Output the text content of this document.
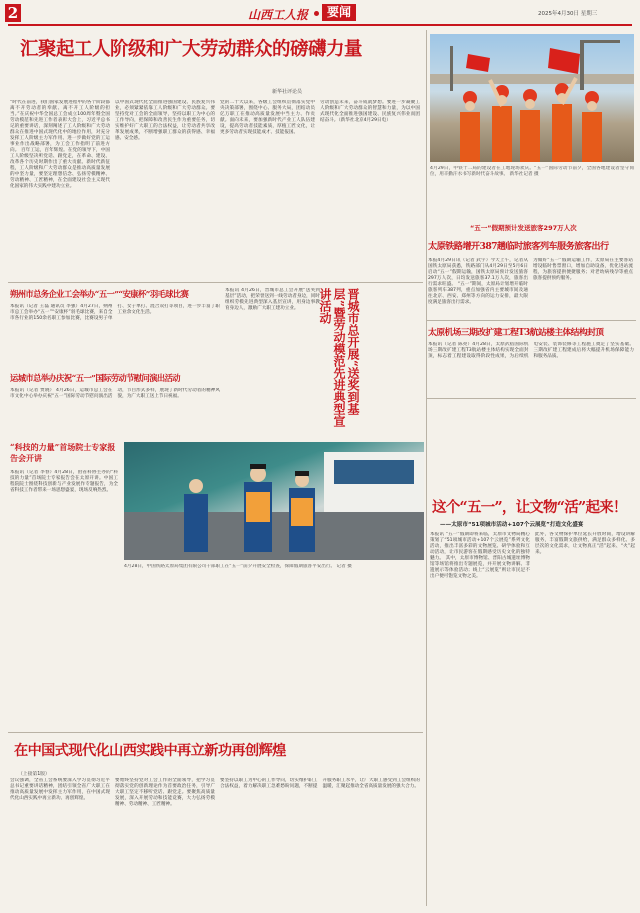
2	山西工人报	要闻	2025年4月30日 星期三
汇聚起工人阶级和广大劳动群众的磅礴力量
新华社评论员
“时代在前进，我们国家发展进程中的各个阶段都离不开劳动者的奉献、离不开工人阶级的担当。”在庆祝中华全国总工会成立100周年暨全国劳动模范和先进工作者表彰大会上，习近平总书记的重要讲话，深刻阐述了工人阶级和广大劳动群众在推进中国式现代化中的地位作用，对充分发挥工人阶级主力军作用、进一步做好党的工运事业作出战略部署，为工会工作指明了前进方向。 百年工运，百年辉煌。在党的领导下，中国工人阶级坚决听党话、跟党走，在革命、建设、改革各个历史时期作出了重大贡献。新时代新征程，工人阶级和广大劳动群众是推动高质量发展的中坚力量，要坚定理想信念、弘扬劳模精神、劳动精神、工匠精神，在全面建设社会主义现代化国家的伟大实践中建功立业。
以中国式现代化全面推进强国建设、民族复兴伟业，必须紧紧依靠工人阶级和广大劳动群众。要坚持党对工会的全面领导，坚持以职工为中心的工作导向，把保障和改善民生作为重要任务，切实维护好广大职工的合法权益，让劳动者共享改革发展成果，不断增强职工群众的获得感、幸福感、安全感。
党的二十大以来，各级工会组织贯彻落实党中央决策部署，围绕中心、服务大局，团结动员亿万职工在推动高质量发展中当主力、作贡献。面向未来，要加强新时代产业工人队伍建设，提高劳动者技能素质，厚植工匠文化，让更多劳动者实现技能成才、技能报国。
劳动创造未来，奋斗成就梦想。要进一步凝聚工人阶级和广大劳动群众的智慧和力量，为以中国式现代化全面推进强国建设、民族复兴伟业而团结奋斗。（新华社北京4月29日电）
4月29日，中铁十二局的建设者在工地现场欢庆。“五一”国际劳动节前夕，全国各地建设者坚守岗位，用辛勤汗水书写新时代奋斗故事。 新华社记者 摄
“五一”假期预计发送旅客297万人次
太原铁路增开387趟临时旅客列车服务旅客出行
本报4月29日讯（记者 武宇）今天上午，记者从国铁太原局获悉，铁路部门从4月29日至5月6日启动“五一”假期运输，国铁太原局预计发送旅客297万人次，日均发送旅客37.1万人次，旅客出行需求旺盛。 “五一”期间，太原局计划增开临时旅客列车387列，重点加强省内主要城市间及通往北京、西安、郑州等方向的运力安排，最大限度满足旅客出行需求。
为做好“五一”假期运输工作，太原局在主要客站增设临时售票窗口，增加自助设备，优化进站流程，为旅客提供便捷服务；对老幼病残孕等重点旅客提供预约服务。
太原机场三期改扩建工程T3航站楼主体结构封顶
本报讯（记者 陈亮）4月28日，太原武宿国际机场三期改扩建工程T3航站楼主体结构实现全面封顶，标志着工程建设取得阶段性成果，为后续机电安装、装饰装修等工程施工奠定了坚实基础。三期改扩建工程建成后将大幅提升机场保障能力和服务品质。
朔州市总务企业工会举办“五一”“安康杯”羽毛球比赛
本报讯（记者 王磊 通讯员 李强）4月27日，朔州市总工会举办“五一”“安康杯”羽毛球比赛，来自全市各行业的150余名职工参加比赛，比赛设男子单打、女子单打、混合双打等项目，进一步丰富了职工业余文化生活。
运城市总举办庆祝“五一”国际劳动节慰问演出活动
本报讯（记者 贾晓） 4月26日，运城市总工会在市文化中心举办庆祝“五一”国际劳动节慰问演出活动，节目形式多样，展现了新时代劳动者的精神风貌，为广大职工送上节日祝福。
本报讯 4月26日，晋城市总工会开展“送奖到基层”活动，把荣誉送到一线劳动者身边，同时组织劳模先进典型深入基层宣讲，用身边事教育身边人，激励广大职工建功立业。	晋城市总开展“送奖到基层”暨劳动模范先进典型宣讲活动
“科技的力量”首场院士专家报告会开讲
本报讯（记者 李春）4月28日，由省科协主办的“科技的力量”首场院士专家报告会在太原开讲。中国工程院院士围绕科技创新与产业发展作专题报告，为全省科技工作者带来一场思想盛宴，现场反响热烈。
4月28日，中国铁路太原局集团有限公司干部职工在“五一”前夕开展安全检查，保障假期旅客平安出行。 记者 摄
这个“五一”，让文物“活”起来！
——太原市“51项城市活动+107个云展览”打造文化盛宴
本报讯 “五一”假期即将来临，太原市文物局精心策划了“51项城市活动+107个云展览”系列文化活动，推出丰富多彩的文物展览、研学体验和互动活动，让市民游客在假期感受历史文化的独特魅力。 其中，太原市博物馆、晋阳古城遗址博物馆等场馆将推出专题展览，并开展文物讲解、非遗展示等体验活动；线上“云展览”则让市民足不出户便可饱览文物之美。
此外，各文物保护单位延长开放时间，增设讲解服务，丰富假期文旅供给，满足群众多样化、多层次的文化需求，让文物真正“活”起来、“火”起来。
在中国式现代化山西实践中再立新功再创辉煌
（上接第1版）
会议强调，全省工会系统要深入学习贯彻习近平总书记重要讲话精神，团结引领全省广大职工在推动高质量发展中发挥主力军作用，在中国式现代化山西实践中再立新功、再创辉煌。
要始终坚持党对工会工作的全面领导，把学习贯彻落实党的创新理论作为首要政治任务，引导广大职工坚定不移听党话、跟党走。要聚焦高质量发展，深入开展劳动和技能竞赛，大力弘扬劳模精神、劳动精神、工匠精神。
要坚持以职工为中心的工作导向，切实维护职工合法权益，着力解决职工急难愁盼问题，不断提升服务职工水平，让广大职工感受到工会组织的温暖，汇聚起推动全省高质量发展的强大合力。
